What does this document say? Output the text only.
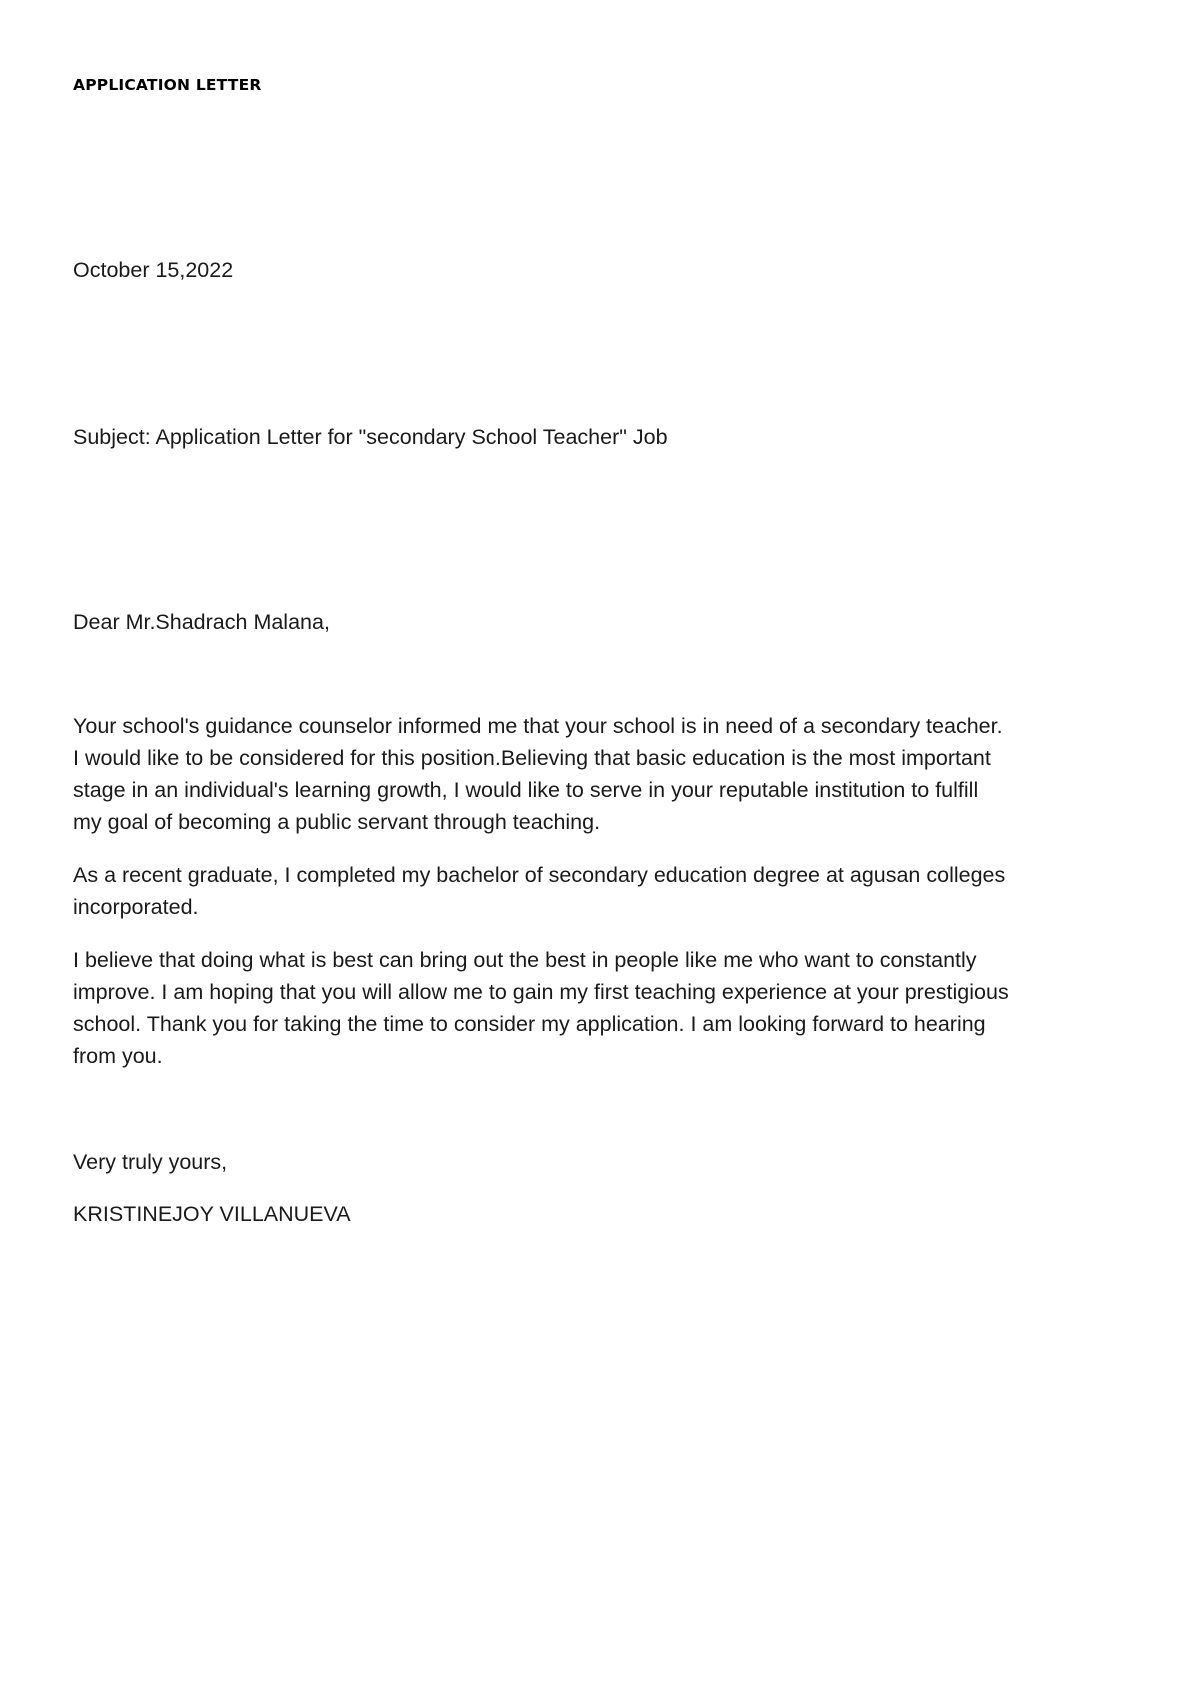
APPLICATION LETTER
October 15,2022
Subject: Application Letter for "secondary School Teacher" Job
Dear Mr.Shadrach Malana,
Your school's guidance counselor informed me that your school is in need of a secondary teacher.
I would like to be considered for this position.Believing that basic education is the most important
stage in an individual's learning growth, I would like to serve in your reputable institution to fulfill
my goal of becoming a public servant through teaching.
As a recent graduate, I completed my bachelor of secondary education degree at agusan colleges
incorporated.
I believe that doing what is best can bring out the best in people like me who want to constantly
improve. I am hoping that you will allow me to gain my first teaching experience at your prestigious
school. Thank you for taking the time to consider my application. I am looking forward to hearing
from you.
Very truly yours,
KRISTINEJOY VILLANUEVA
